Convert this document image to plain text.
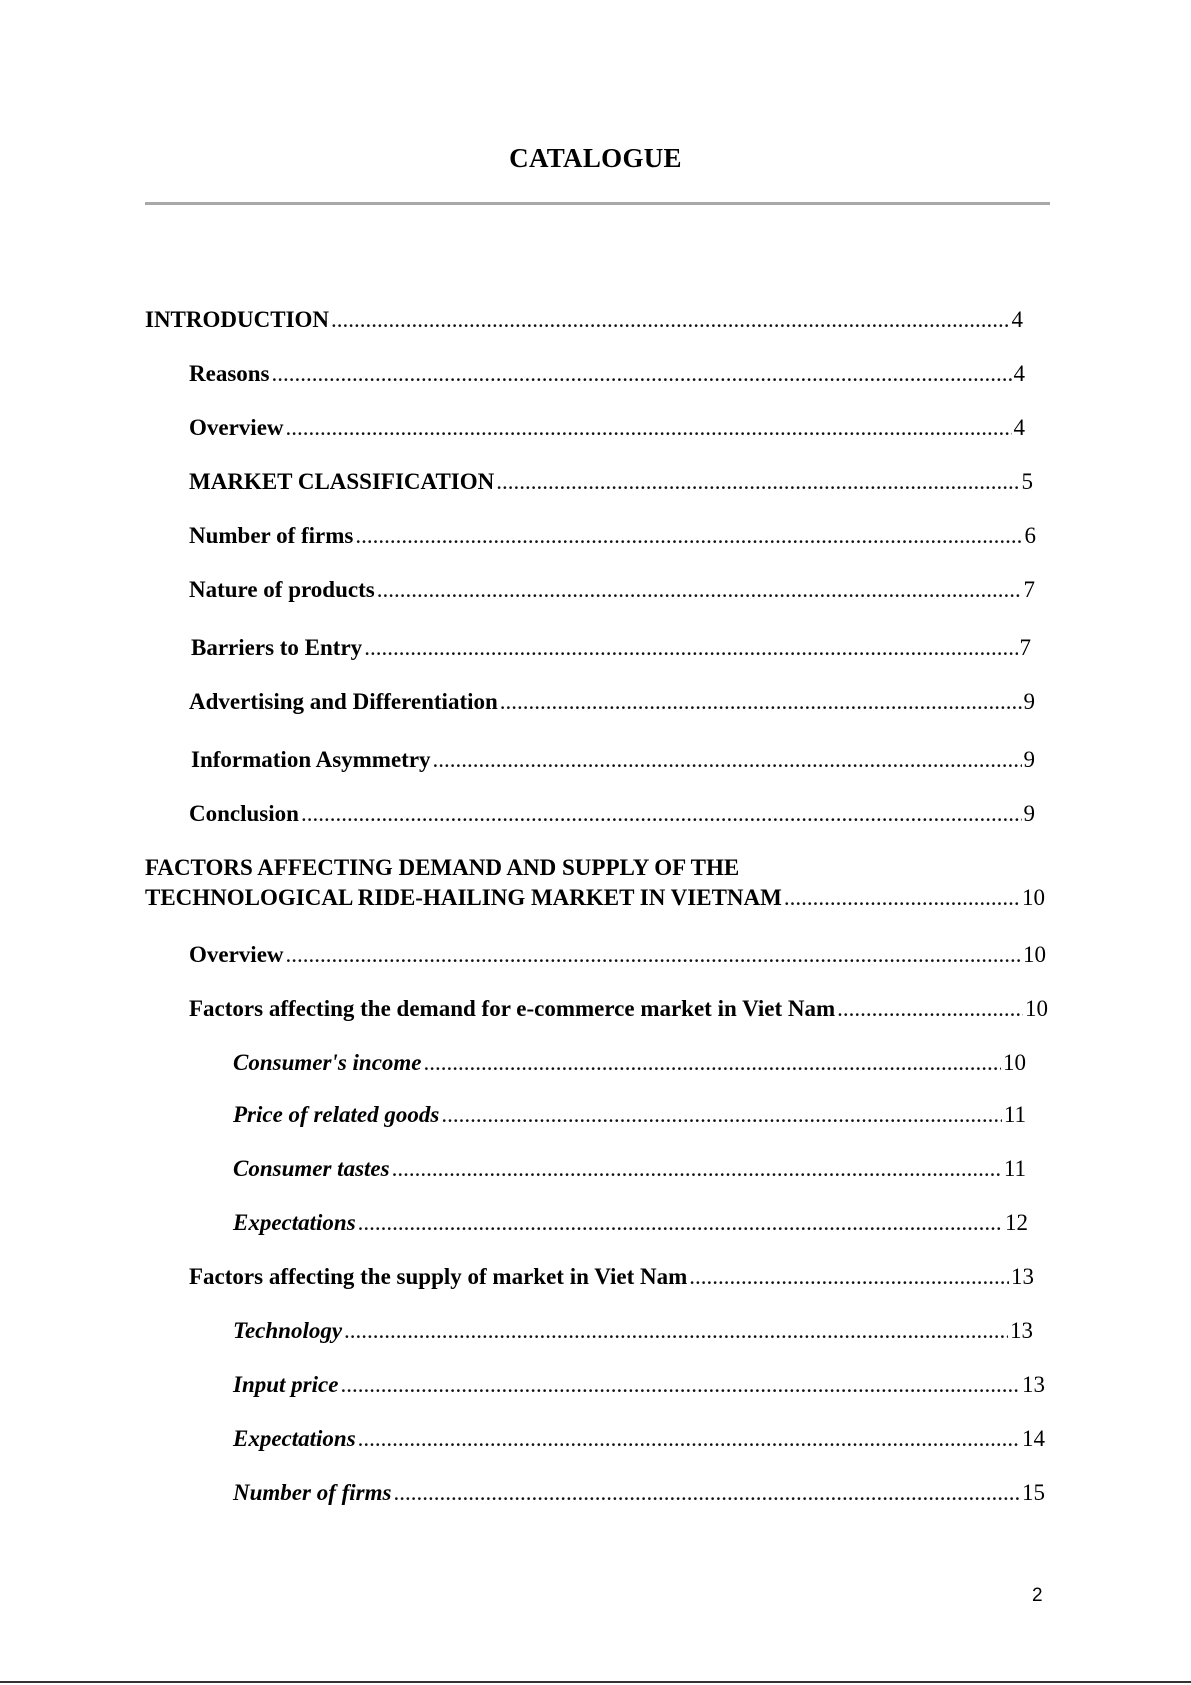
CATALOGUE
INTRODUCTION .....	4
Reasons .....	4
Overview .....	4
MARKET CLASSIFICATION .....	5
Number of firms .....	6
Nature of products .....	7
Barriers to Entry .....	7
Advertising and Differentiation .....	9
Information Asymmetry .....	9
Conclusion .....	9
FACTORS AFFECTING DEMAND AND SUPPLY OF THE
TECHNOLOGICAL RIDE-HAILING MARKET IN VIETNAM .....	10
Overview .....	10
Factors affecting the demand for e-commerce market in Viet Nam .....	10
Consumer's income .....	10
Price of related goods .....	11
Consumer tastes .....	11
Expectations .....	12
Factors affecting the supply of market in Viet Nam .....	13
Technology .....	13
Input price .....	13
Expectations .....	14
Number of firms .....	15
2
